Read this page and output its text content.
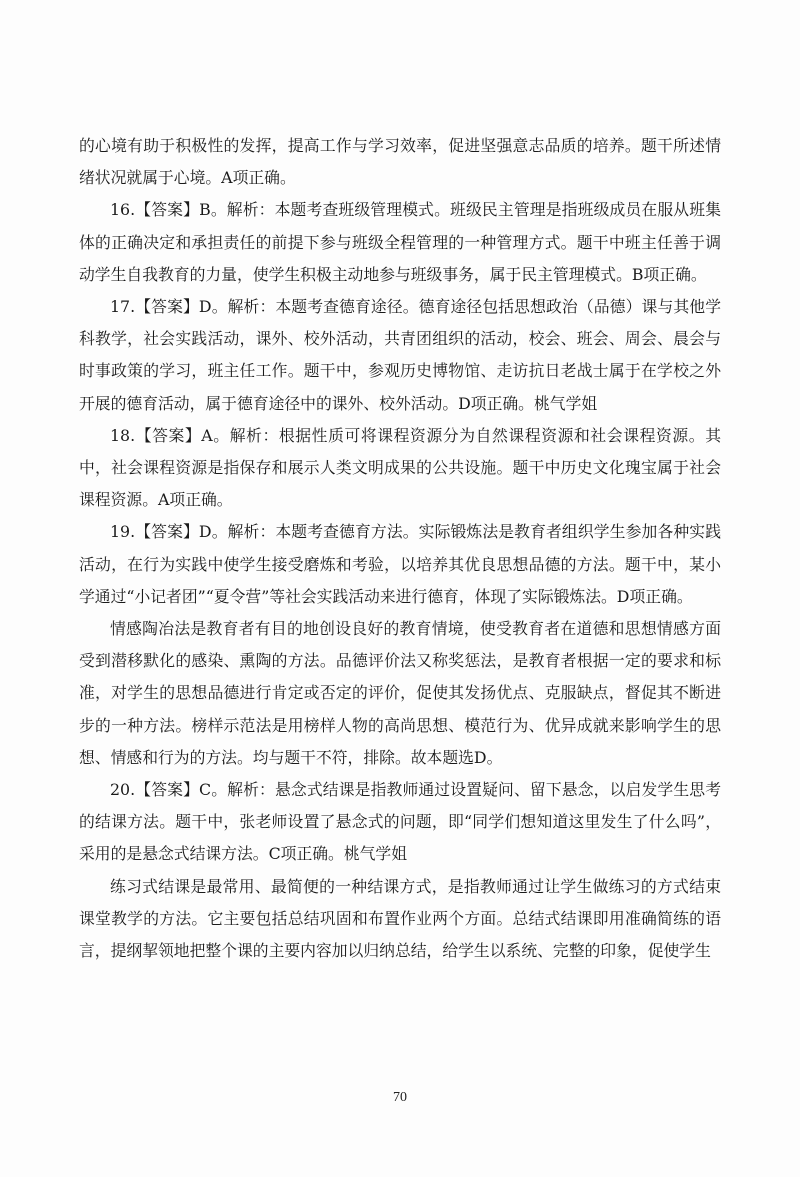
的心境有助于积极性的发挥，提高工作与学习效率，促进坚强意志品质的培养。题干所述情绪状况就属于心境。A项正确。

16.【答案】B。解析：本题考查班级管理模式。班级民主管理是指班级成员在服从班集体的正确决定和承担责任的前提下参与班级全程管理的一种管理方式。题干中班主任善于调动学生自我教育的力量，使学生积极主动地参与班级事务，属于民主管理模式。B项正确。

17.【答案】D。解析：本题考查德育途径。德育途径包括思想政治（品德）课与其他学科教学，社会实践活动，课外、校外活动，共青团组织的活动，校会、班会、周会、晨会与时事政策的学习，班主任工作。题干中，参观历史博物馆、走访抗日老战士属于在学校之外开展的德育活动，属于德育途径中的课外、校外活动。D项正确。桃气学姐

18.【答案】A。解析：根据性质可将课程资源分为自然课程资源和社会课程资源。其中，社会课程资源是指保存和展示人类文明成果的公共设施。题干中历史文化瑰宝属于社会课程资源。A项正确。

19.【答案】D。解析：本题考查德育方法。实际锻炼法是教育者组织学生参加各种实践活动，在行为实践中使学生接受磨炼和考验，以培养其优良思想品德的方法。题干中，某小学通过“小记者团”“夏令营”等社会实践活动来进行德育，体现了实际锻炼法。D项正确。

情感陶冶法是教育者有目的地创设良好的教育情境，使受教育者在道德和思想情感方面受到潜移默化的感染、熏陶的方法。品德评价法又称奖惩法，是教育者根据一定的要求和标准，对学生的思想品德进行肯定或否定的评价，促使其发扬优点、克服缺点，督促其不断进步的一种方法。榜样示范法是用榜样人物的高尚思想、模范行为、优异成就来影响学生的思想、情感和行为的方法。均与题干不符，排除。故本题选D。

20.【答案】C。解析：悬念式结课是指教师通过设置疑问、留下悬念，以启发学生思考的结课方法。题干中，张老师设置了悬念式的问题，即“同学们想知道这里发生了什么吗”，采用的是悬念式结课方法。C项正确。桃气学姐

练习式结课是最常用、最简便的一种结课方式，是指教师通过让学生做练习的方式结束课堂教学的方法。它主要包括总结巩固和布置作业两个方面。总结式结课即用准确简练的语言，提纲挈领地把整个课的主要内容加以归纳总结，给学生以系统、完整的印象，促使学生

70
